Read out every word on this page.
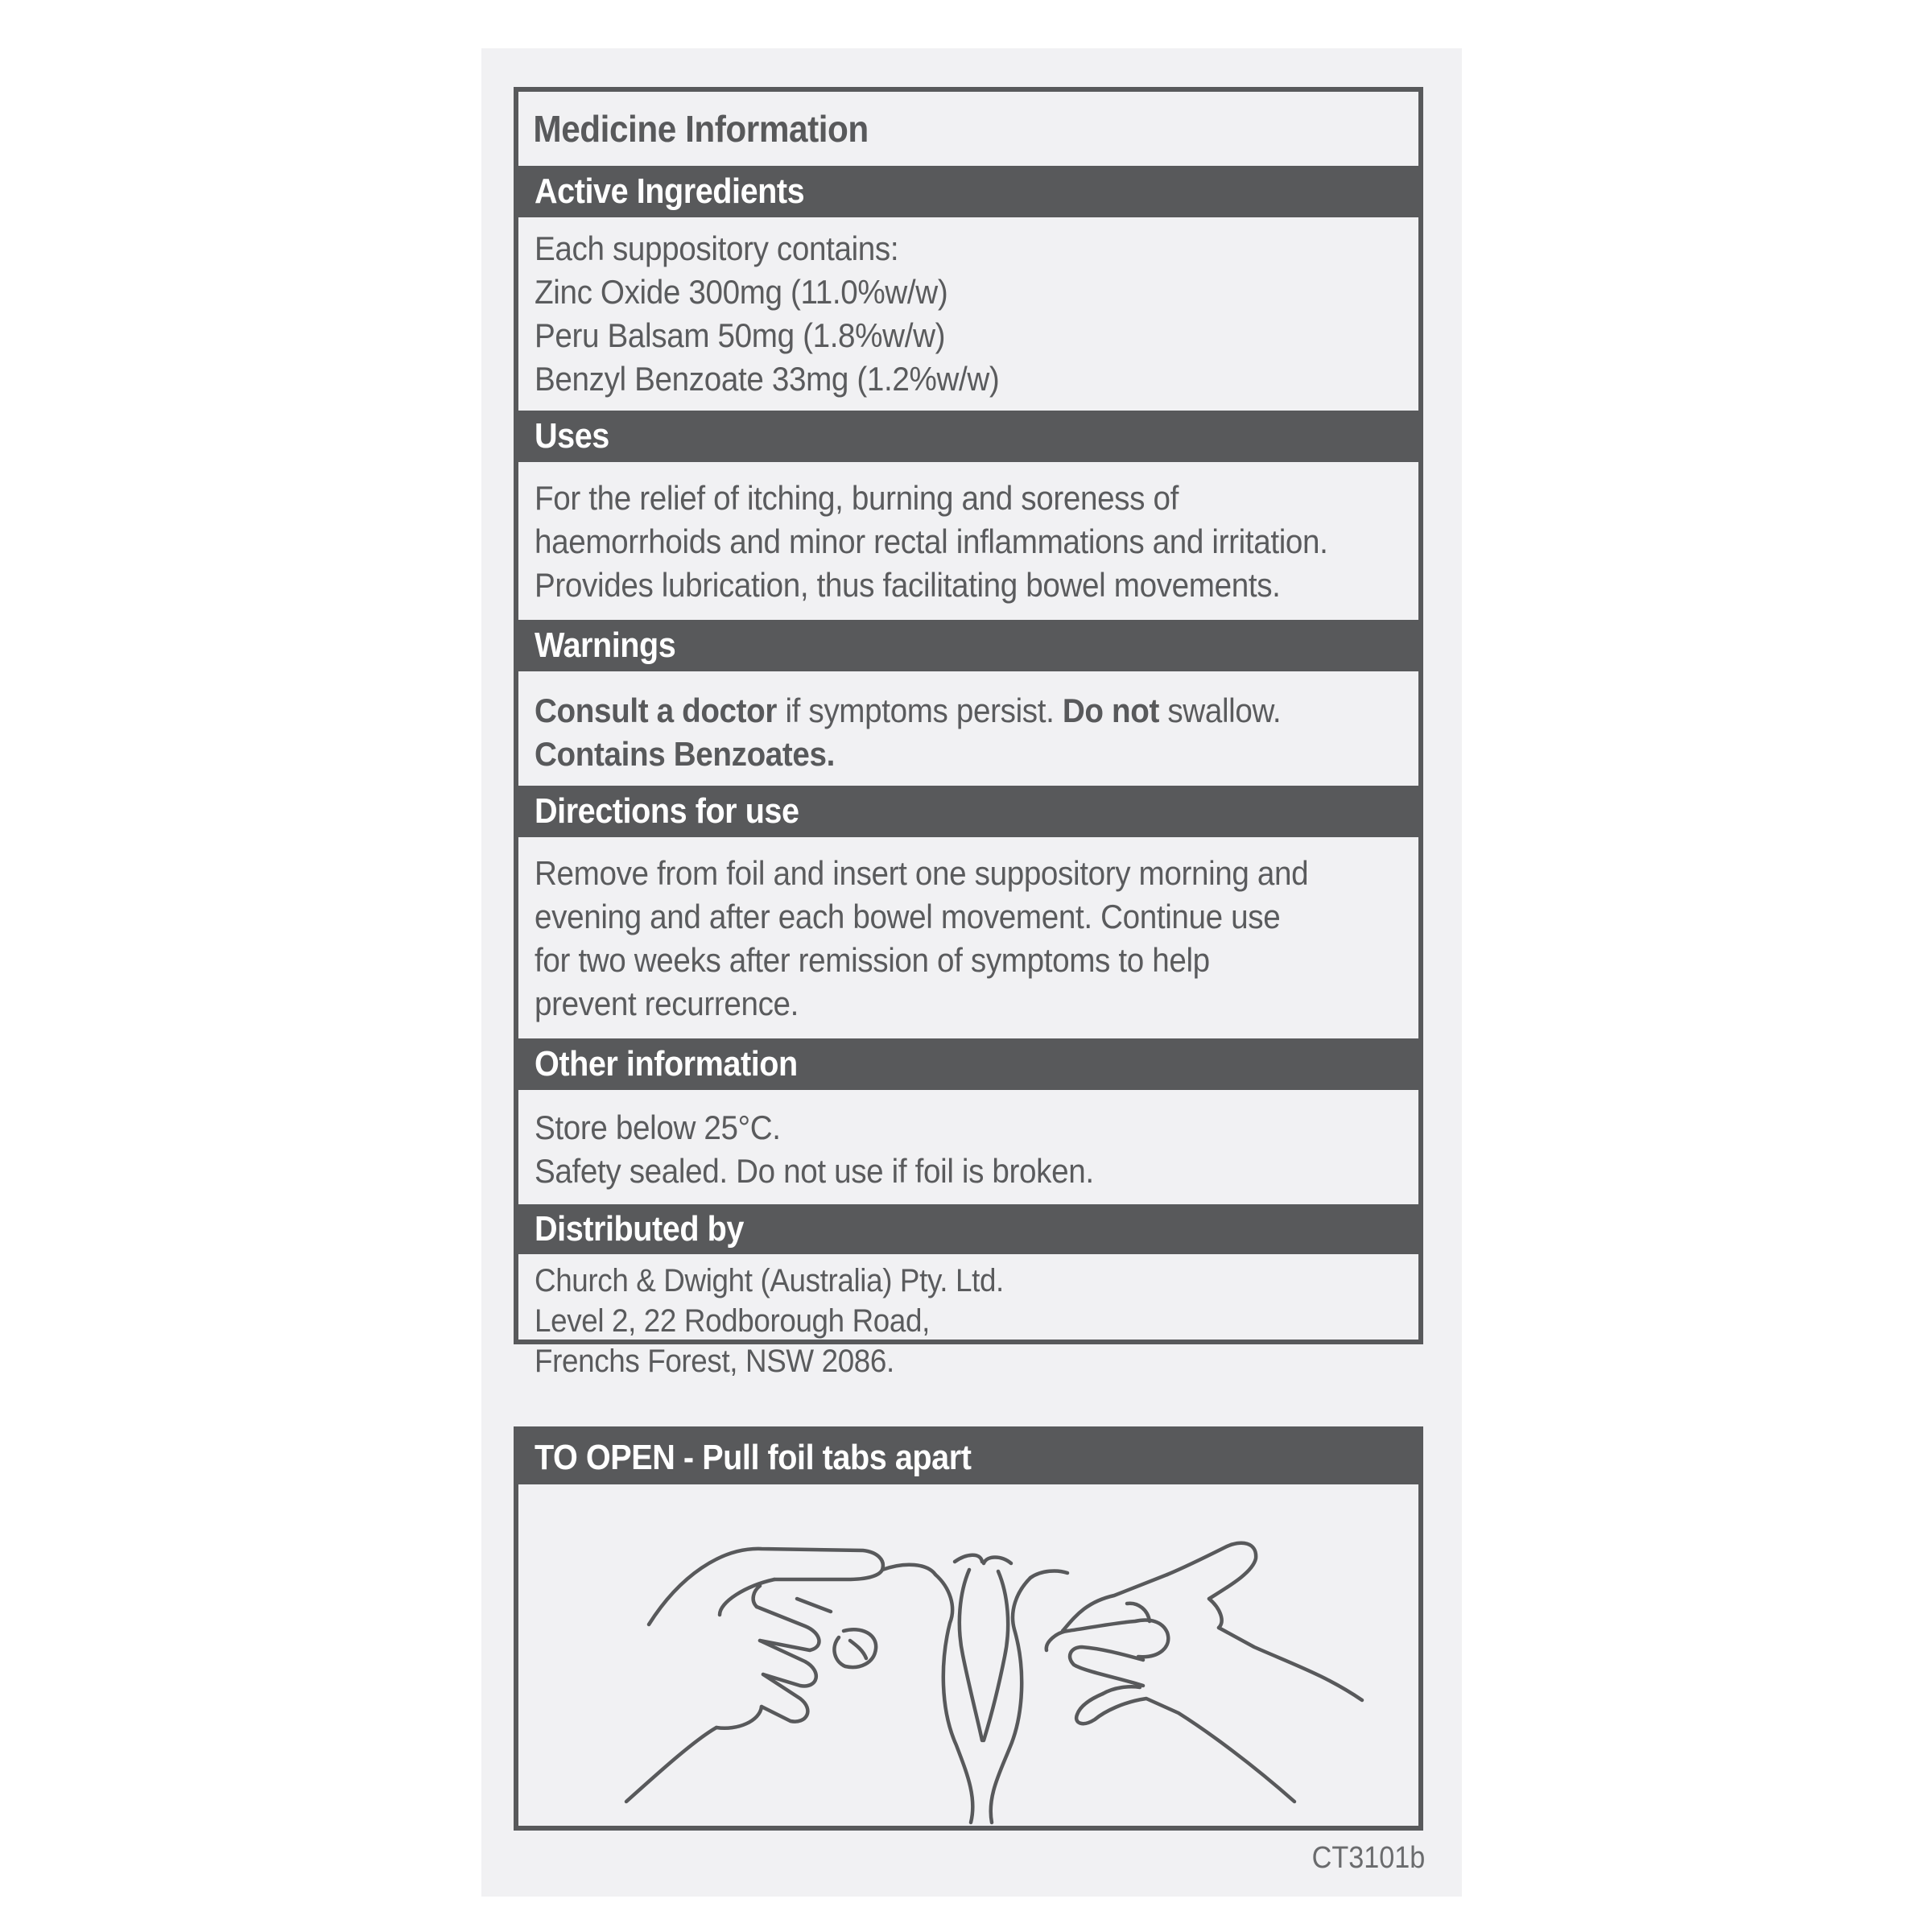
Medicine Information
Active Ingredients
Each suppository contains:
Zinc Oxide 300mg (11.0%w/w)
Peru Balsam 50mg (1.8%w/w)
Benzyl Benzoate 33mg (1.2%w/w)
Uses
For the relief of itching, burning and soreness of
haemorrhoids and minor rectal inflammations and irritation.
Provides lubrication, thus facilitating bowel movements.
Warnings
Consult a doctor if symptoms persist. Do not swallow.
Contains Benzoates.
Directions for use
Remove from foil and insert one suppository morning and
evening and after each bowel movement. Continue use
for two weeks after remission of symptoms to help
prevent recurrence.
Other information
Store below 25°C.
Safety sealed. Do not use if foil is broken.
Distributed by
Church & Dwight (Australia) Pty. Ltd.
Level 2, 22 Rodborough Road,
Frenchs Forest, NSW 2086.
TO OPEN - Pull foil tabs apart
CT3101b
